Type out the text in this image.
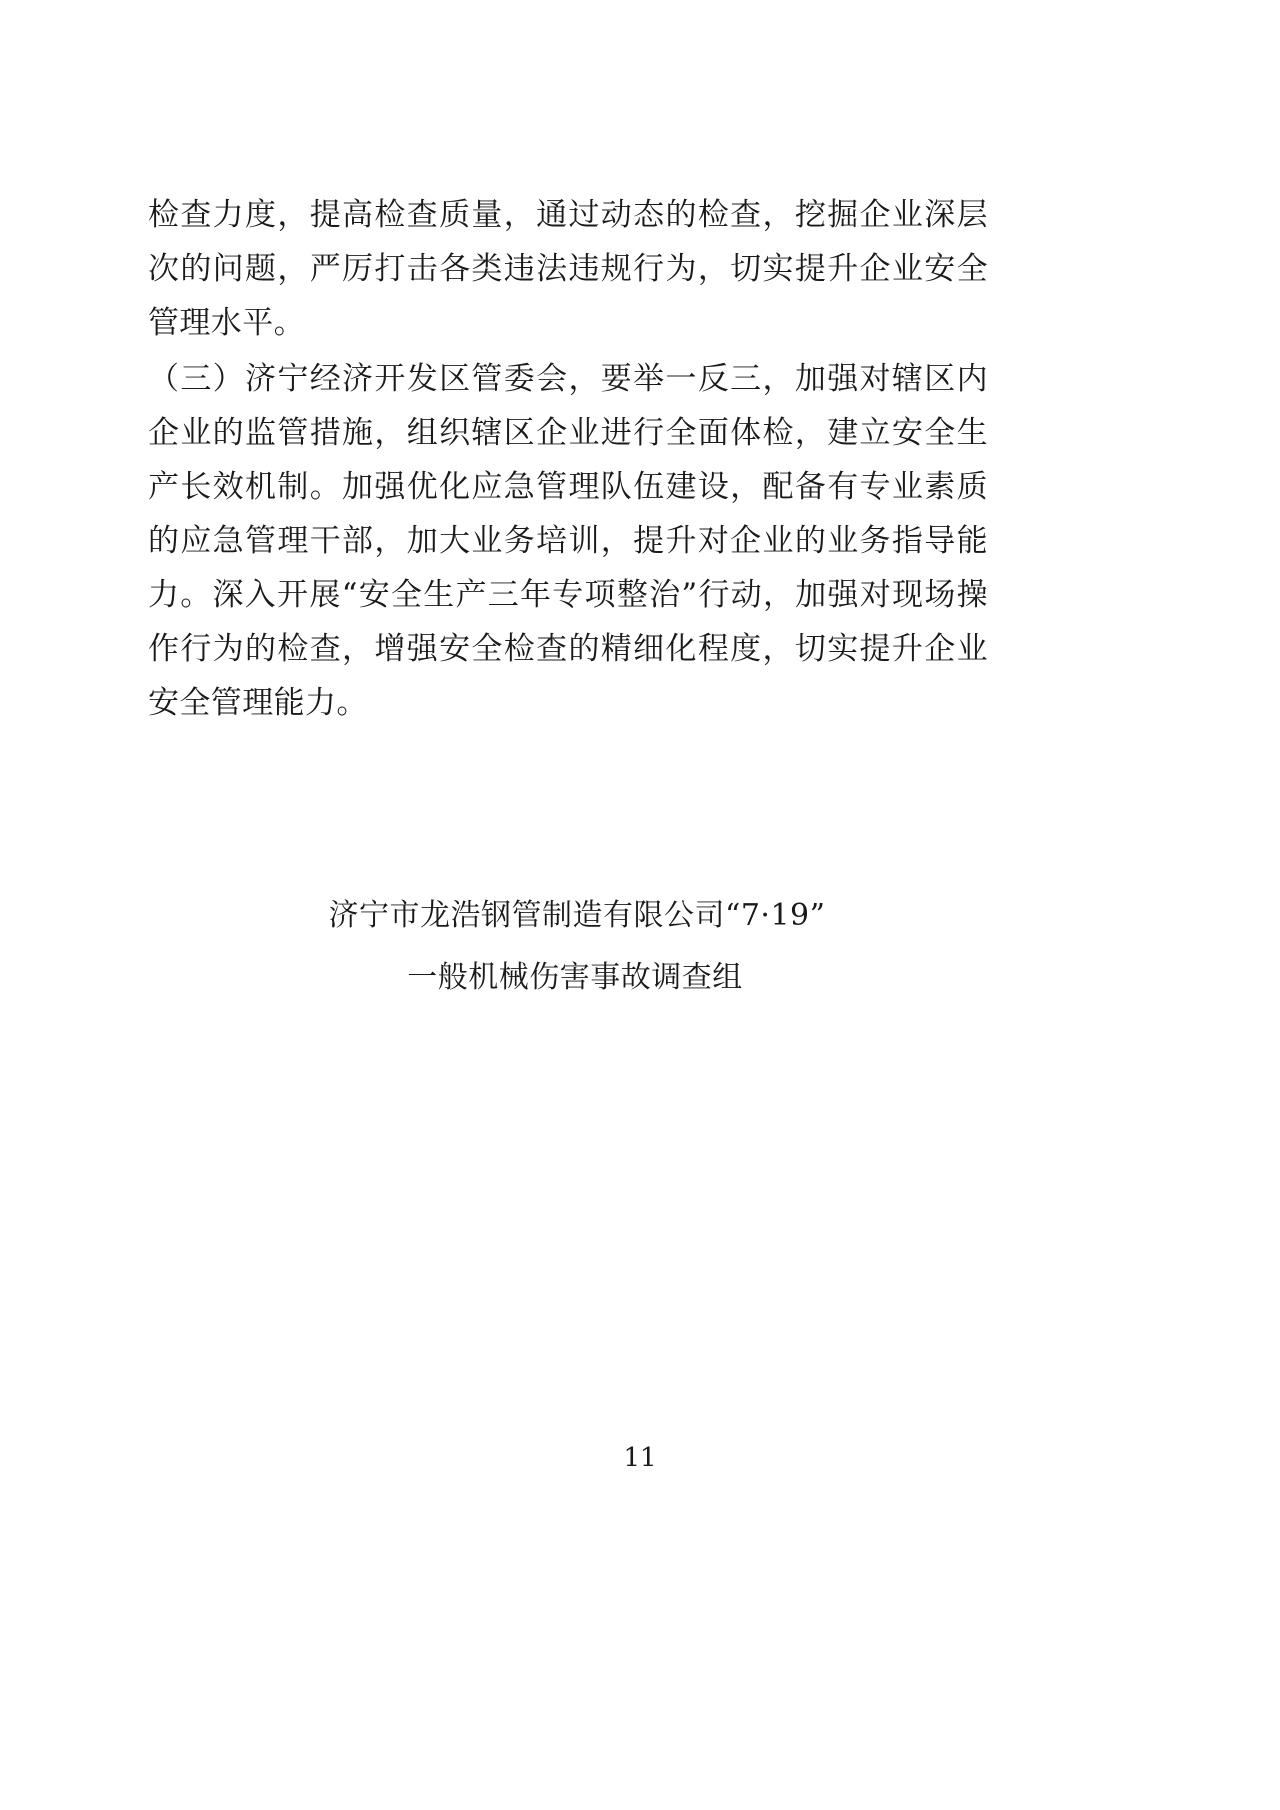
检查力度，提高检查质量，通过动态的检查，挖掘企业深层次的问题，严厉打击各类违法违规行为，切实提升企业安全管理水平。

（三）济宁经济开发区管委会，要举一反三，加强对辖区内企业的监管措施，组织辖区企业进行全面体检，建立安全生产长效机制。加强优化应急管理队伍建设，配备有专业素质的应急管理干部，加大业务培训，提升对企业的业务指导能力。深入开展“安全生产三年专项整治”行动，加强对现场操作行为的检查，增强安全检查的精细化程度，切实提升企业安全管理能力。

济宁市龙浩钢管制造有限公司“7·19”
一般机械伤害事故调查组
11
